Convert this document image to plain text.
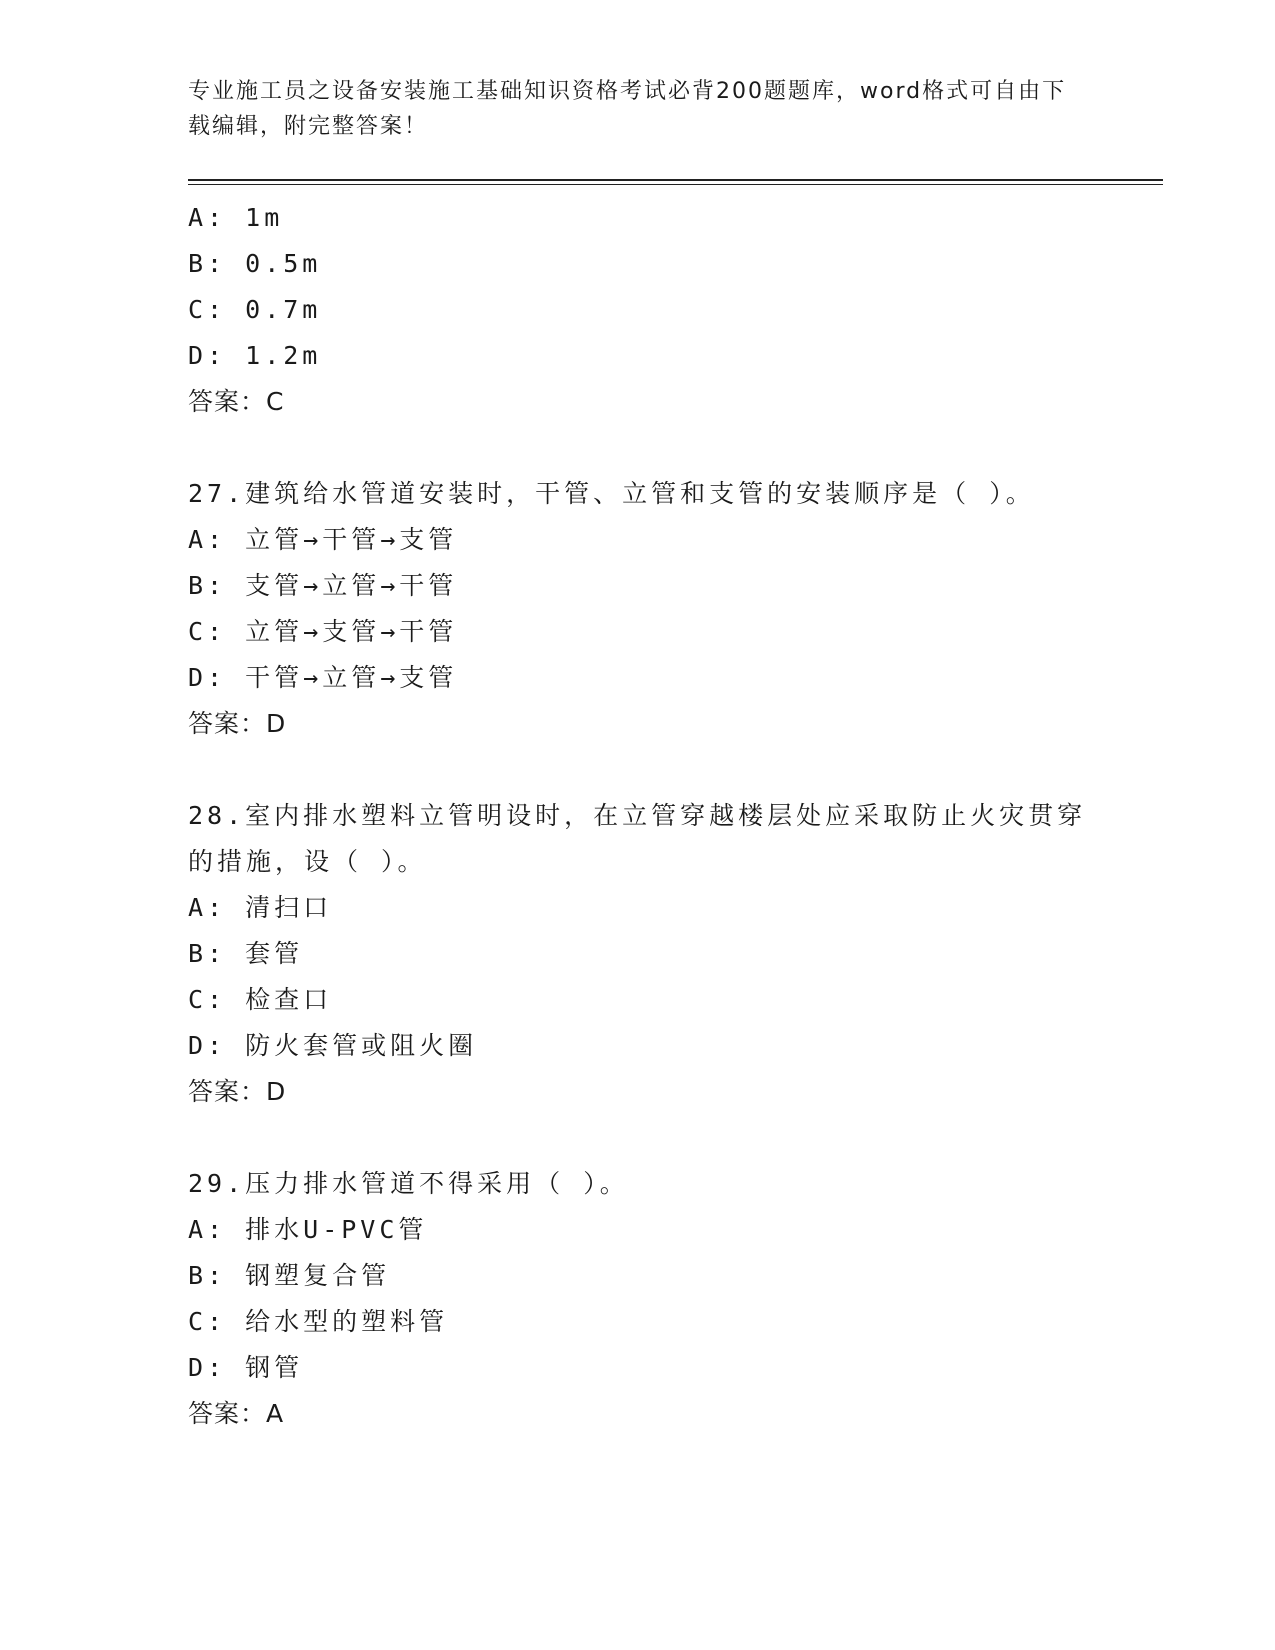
专业施工员之设备安装施工基础知识资格考试必背200题题库，word格式可自由下载编辑，附完整答案！
A: 1m
B: 0.5m
C: 0.7m
D: 1.2m
答案：C
27.建筑给水管道安装时，干管、立管和支管的安装顺序是（ ）。
A: 立管→干管→支管
B: 支管→立管→干管
C: 立管→支管→干管
D: 干管→立管→支管
答案：D
28.室内排水塑料立管明设时，在立管穿越楼层处应采取防止火灾贯穿的措施，设（ ）。
A: 清扫口
B: 套管
C: 检查口
D: 防火套管或阻火圈
答案：D
29.压力排水管道不得采用（ ）。
A: 排水U-PVC管
B: 钢塑复合管
C: 给水型的塑料管
D: 钢管
答案：A
